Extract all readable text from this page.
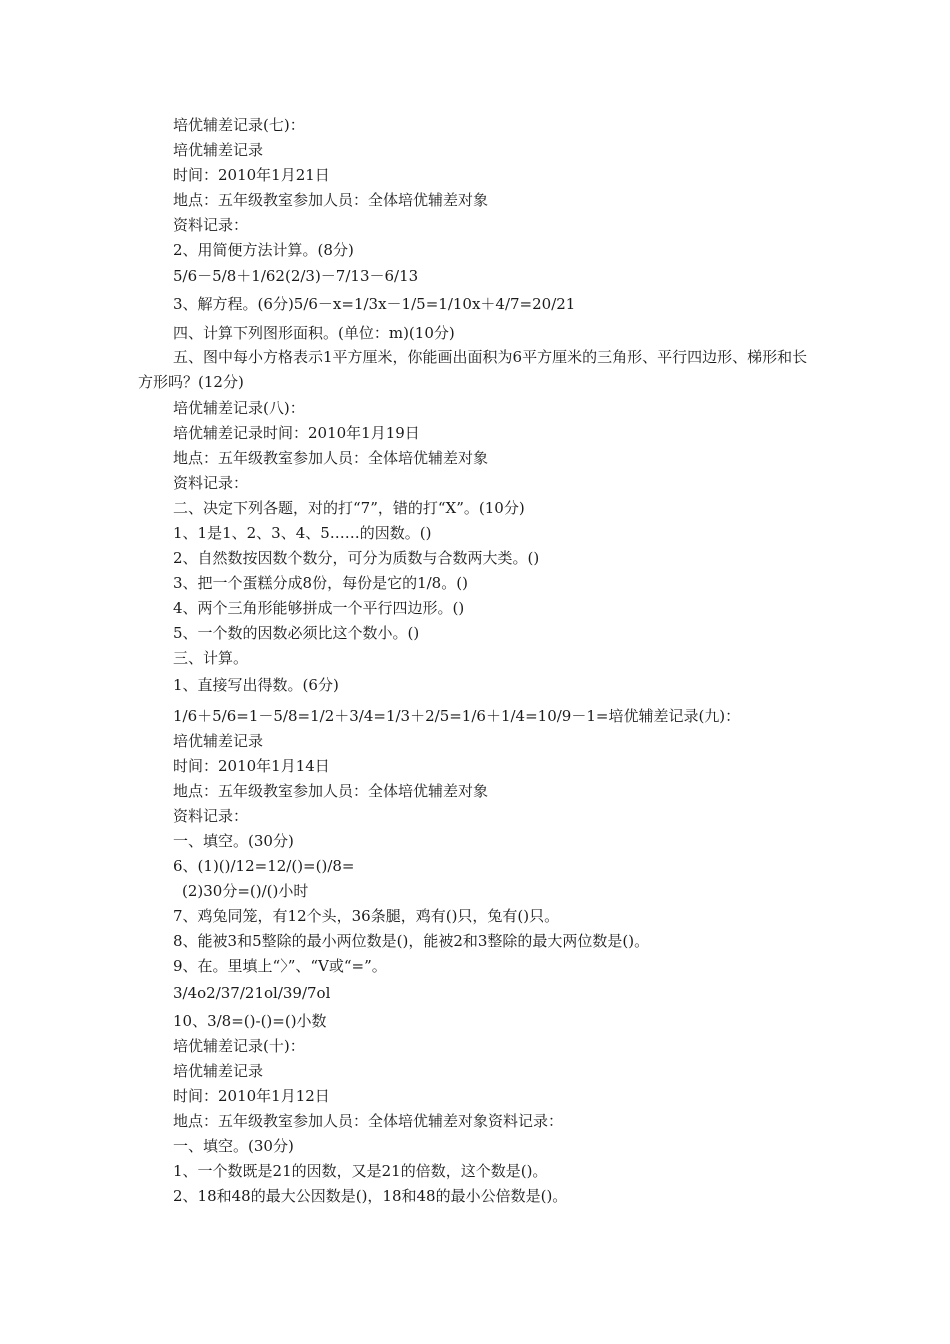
培优辅差记录(七)：
培优辅差记录
时间：2010年1月21日
地点：五年级教室参加人员：全体培优辅差对象
资料记录：
2、用简便方法计算。(8分)
5/6－5/8＋1/62(2/3)－7/13－6/13
3、解方程。(6分)5/6－x=1/3x－1/5=1/10x＋4/7=20/21
四、计算下列图形面积。(单位：m)(10分)
五、图中每小方格表示1平方厘米，你能画出面积为6平方厘米的三角形、平行四边形、梯形和长方形吗？(12分)
培优辅差记录(八)：
培优辅差记录时间：2010年1月19日
地点：五年级教室参加人员：全体培优辅差对象
资料记录：
二、决定下列各题，对的打“7”，错的打“X”。(10分)
1、1是1、2、3、4、5……的因数。()
2、自然数按因数个数分，可分为质数与合数两大类。()
3、把一个蛋糕分成8份，每份是它的1/8。()
4、两个三角形能够拼成一个平行四边形。()
5、一个数的因数必须比这个数小。()
三、计算。
1、直接写出得数。(6分)
1/6＋5/6=1－5/8=1/2＋3/4=1/3＋2/5=1/6＋1/4=10/9－1=培优辅差记录(九)：
培优辅差记录
时间：2010年1月14日
地点：五年级教室参加人员：全体培优辅差对象
资料记录：
一、填空。(30分)
6、(1)()/12=12/()=()/8=
(2)30分=()/()小时
7、鸡兔同笼，有12个头，36条腿，鸡有()只，兔有()只。
8、能被3和5整除的最小两位数是()，能被2和3整除的最大两位数是()。
9、在。里填上“〉”、“V或“=”。
3/4o2/37/21ol/39/7ol
10、3/8=()-()=()小数
培优辅差记录(十)：
培优辅差记录
时间：2010年1月12日
地点：五年级教室参加人员：全体培优辅差对象资料记录：
一、填空。(30分)
1、一个数既是21的因数，又是21的倍数，这个数是()。
2、18和48的最大公因数是()，18和48的最小公倍数是()。
